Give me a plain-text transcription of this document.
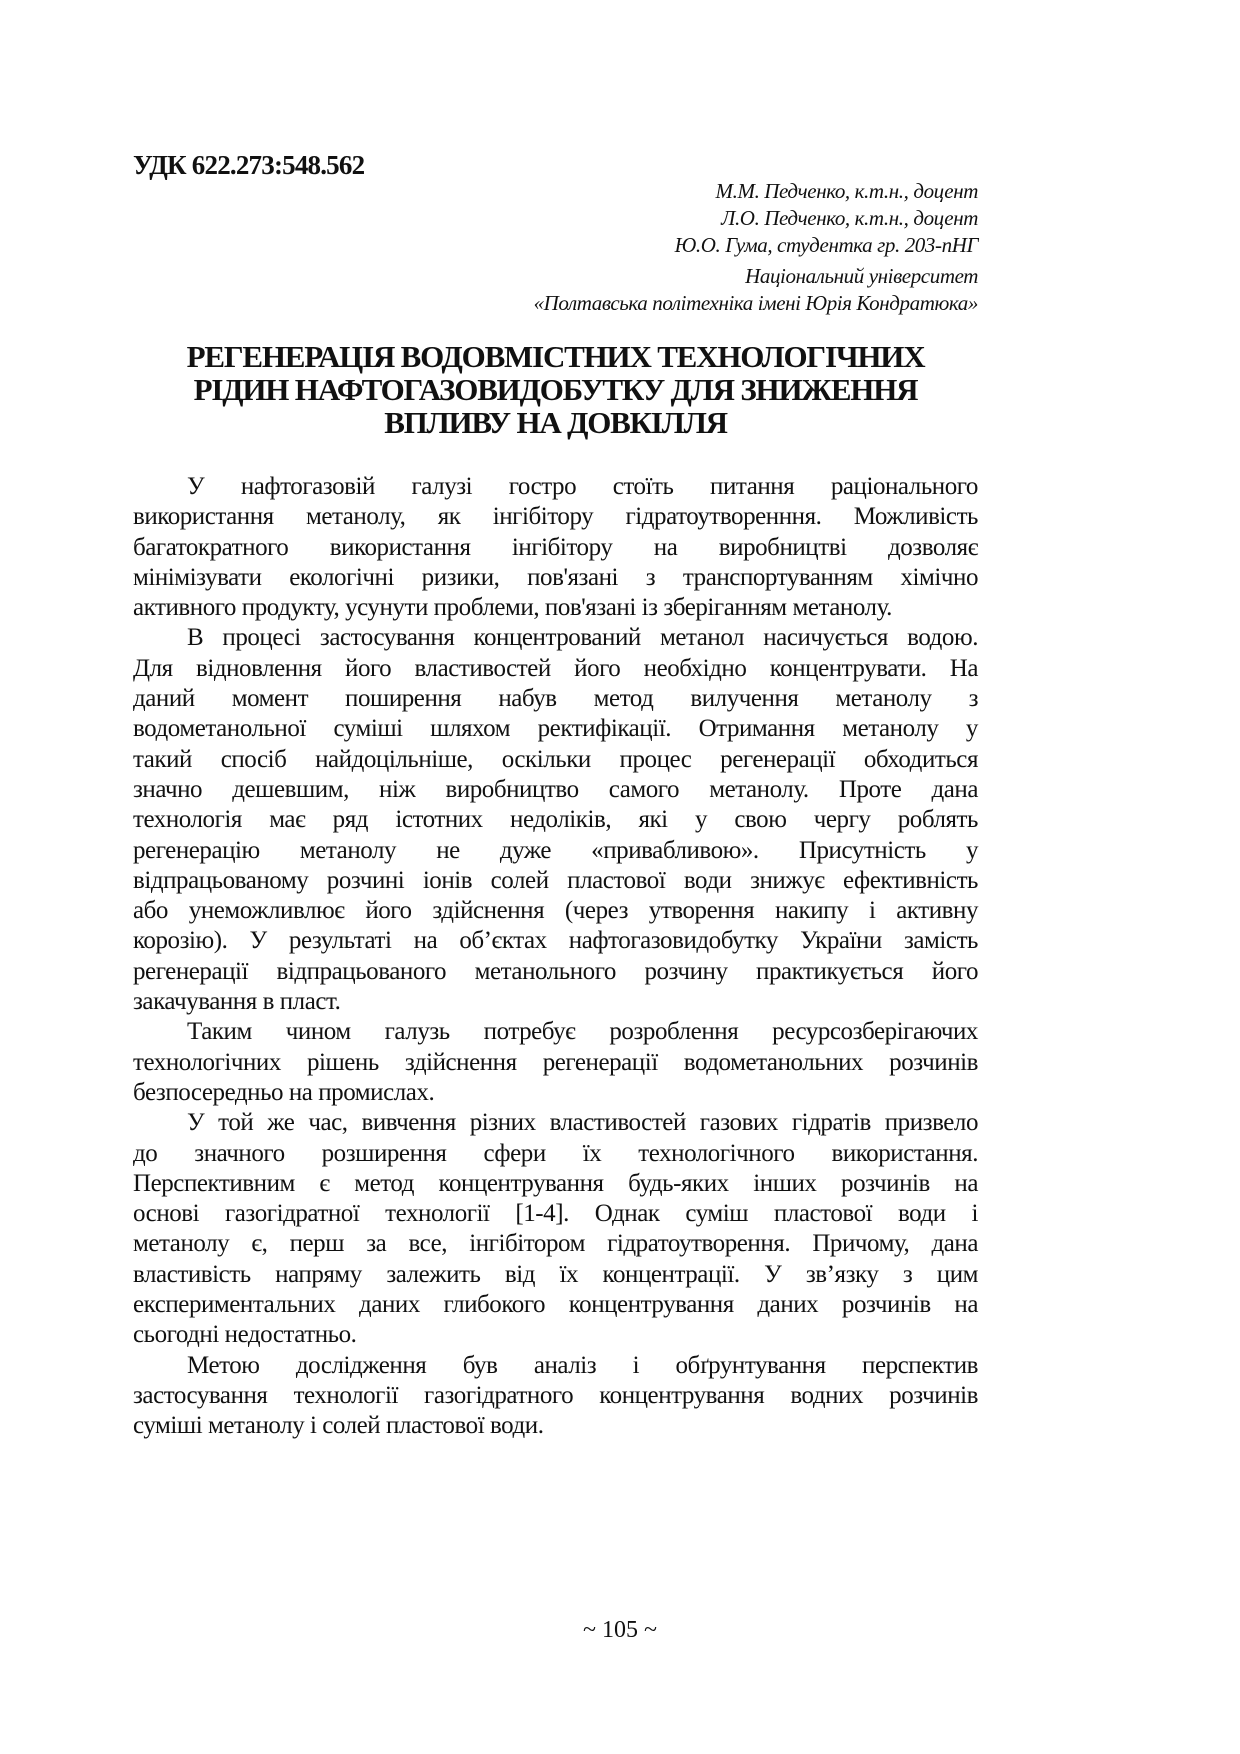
УДК 622.273:548.562
М.М. Педченко, к.т.н., доцент
Л.О. Педченко, к.т.н., доцент
Ю.О. Гума, студентка гр. 203-пНГ
Національний університет
«Полтавська політехніка імені Юрія Кондратюка»
РЕГЕНЕРАЦІЯ ВОДОВМІСТНИХ ТЕХНОЛОГІЧНИХ
РІДИН НАФТОГАЗОВИДОБУТКУ ДЛЯ ЗНИЖЕННЯ
ВПЛИВУ НА ДОВКІЛЛЯ
У нафтогазовій галузі гостро стоїть питання раціонального
використання метанолу, як інгібітору гідратоутворенння. Можливість
багатократного використання інгібітору на виробництві дозволяє
мінімізувати екологічні ризики, пов'язані з транспортуванням хімічно
активного продукту, усунути проблеми, пов'язані із зберіганням метанолу.
В процесі застосування концентрований метанол насичується водою.
Для відновлення його властивостей його необхідно концентрувати. На
даний момент поширення набув метод вилучення метанолу з
водометанольної суміші шляхом ректифікації. Отримання метанолу у
такий спосіб найдоцільніше, оскільки процес регенерації обходиться
значно дешевшим, ніж виробництво самого метанолу. Проте дана
технологія має ряд істотних недоліків, які у свою чергу роблять
регенерацію метанолу не дуже «привабливою». Присутність у
відпрацьованому розчині іонів солей пластової води знижує ефективність
або унеможливлює його здійснення (через утворення накипу і активну
корозію). У результаті на об’єктах нафтогазовидобутку України замість
регенерації відпрацьованого метанольного розчину практикується його
закачування в пласт.
Таким чином галузь потребує розроблення ресурсозберігаючих
технологічних рішень здійснення регенерації водометанольних розчинів
безпосередньо на промислах.
У той же час, вивчення різних властивостей газових гідратів призвело
до значного розширення сфери їх технологічного використання.
Перспективним є метод концентрування будь-яких інших розчинів на
основі газогідратної технології [1-4]. Однак суміш пластової води і
метанолу є, перш за все, інгібітором гідратоутворення. Причому, дана
властивість напряму залежить від їх концентрації. У зв’язку з цим
експериментальних даних глибокого концентрування даних розчинів на
сьогодні недостатньо.
Метою дослідження був аналіз і обґрунтування перспектив
застосування технології газогідратного концентрування водних розчинів
суміші метанолу і солей пластової води.
~ 105 ~
